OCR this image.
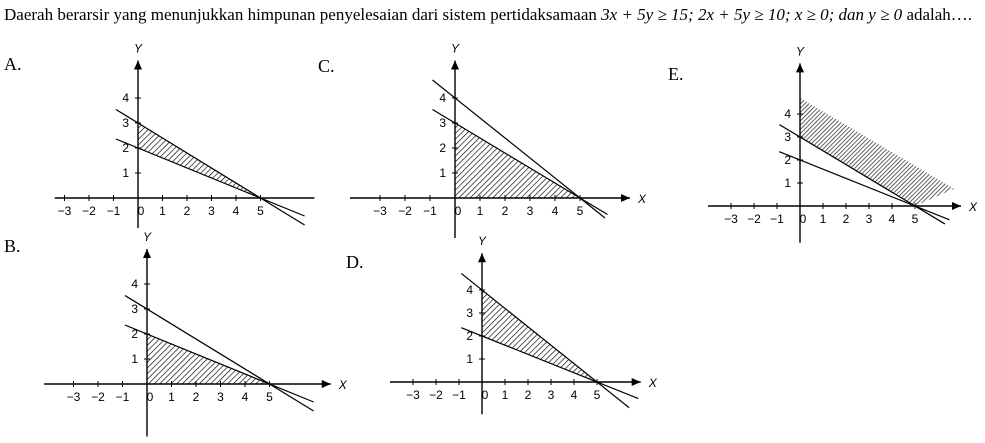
Daerah berarsir yang menunjukkan himpunan penyelesaian dari sistem pertidaksamaan 3x + 5y ≥ 15; 2x + 5y ≥ 10; x ≥ 0; dan y ≥ 0 adalah….
A.
B.
C.
D.
E.
Y
−3 −2 −1 0 1 2 3 4 5
1
2
3
4
X
Y
−3 −2 −1 0 1 2 3 4 5
1
2
3
4
X
Y
−3 −2 −1 0 1 2 3 4 5
1
2
3
4
X
Y
−3 −2 −1 0 1 2 3 4 5
1
2
3
4
X
Y
−3 −2 −1 0 1 2 3 4 5
1
2
3
4
